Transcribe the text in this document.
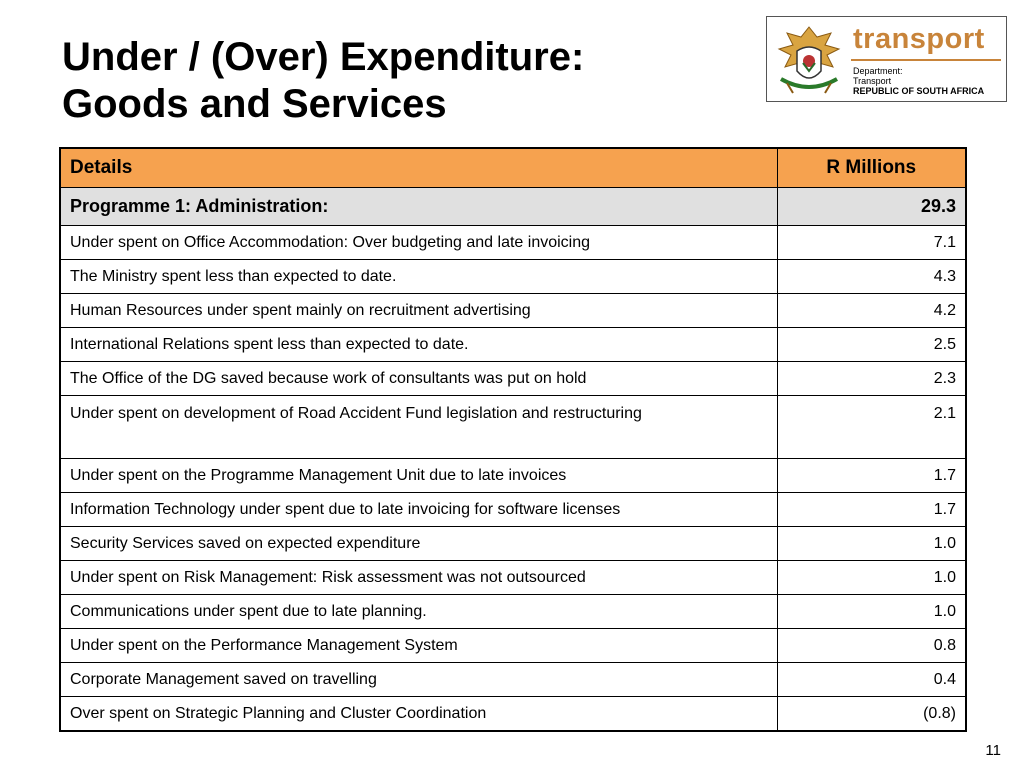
Under / (Over) Expenditure:
Goods and Services
transport
Department:
Transport
REPUBLIC OF SOUTH AFRICA
Details	R Millions
Programme 1: Administration:	29.3
Under spent on Office Accommodation: Over budgeting and late invoicing	7.1
The Ministry spent less than expected to date.	4.3
Human Resources under spent mainly on recruitment advertising	4.2
International Relations spent less than expected to date.	2.5
The Office of the DG saved because work of consultants was put on hold	2.3
Under spent on development of Road Accident Fund legislation and restructuring	2.1
Under spent on the Programme Management Unit due to late invoices	1.7
Information Technology under spent due to late invoicing for software licenses	1.7
Security Services saved on expected expenditure	1.0
Under spent on Risk Management: Risk assessment was not outsourced	1.0
Communications under spent due to late planning.	1.0
Under spent on the Performance Management System	0.8
Corporate Management saved on travelling	0.4
Over spent on Strategic Planning and Cluster Coordination	(0.8)
11
